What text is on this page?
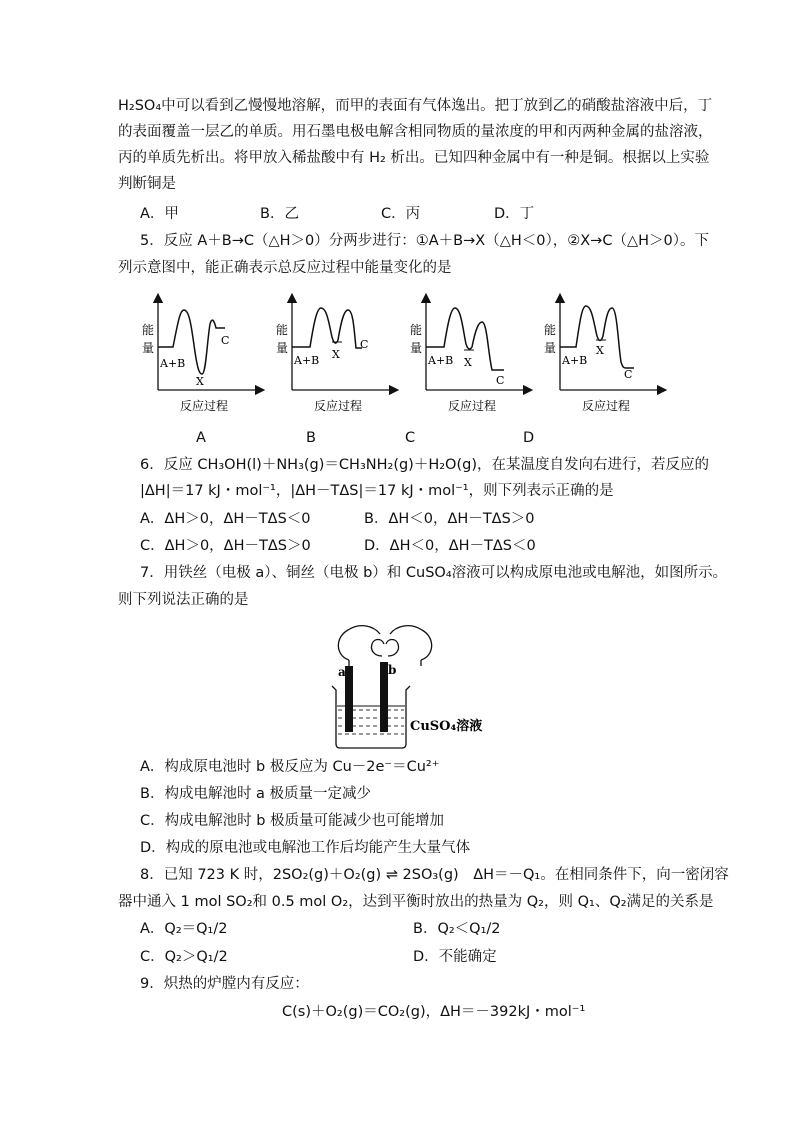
H₂SO₄中可以看到乙慢慢地溶解，而甲的表面有气体逸出。把丁放到乙的硝酸盐溶液中后，丁
的表面覆盖一层乙的单质。用石墨电极电解含相同物质的量浓度的甲和丙两种金属的盐溶液，
丙的单质先析出。将甲放入稀盐酸中有 H₂ 析出。已知四种金属中有一种是铜。根据以上实验
判断铜是
A．甲	B．乙	C．丙	D．丁
5．反应 A＋B→C（△H＞0）分两步进行：①A＋B→X（△H＜0），②X→C（△H＞0）。下
列示意图中，能正确表示总反应过程中能量变化的是
能
量
A+B
X
C
反应过程
能
量
A+B X
C
反应过程
能
量
A+B X
C
反应过程
能
量
A+B
X
C
反应过程
A	B	C	D
6．反应 CH₃OH(l)＋NH₃(g)＝CH₃NH₂(g)＋H₂O(g)，在某温度自发向右进行，若反应的
|ΔH|＝17 kJ・mol⁻¹，|ΔH－TΔS|＝17 kJ・mol⁻¹，则下列表示正确的是
A．ΔH＞0，ΔH－TΔS＜0	B．ΔH＜0，ΔH－TΔS＞0
C．ΔH＞0，ΔH－TΔS＞0	D．ΔH＜0，ΔH－TΔS＜0
7．用铁丝（电极 a）、铜丝（电极 b）和 CuSO₄溶液可以构成原电池或电解池，如图所示。
则下列说法正确的是
a	b
CuSO₄溶液
A．构成原电池时 b 极反应为 Cu－2e⁻＝Cu²⁺
B．构成电解池时 a 极质量一定减少
C．构成电解池时 b 极质量可能减少也可能增加
D．构成的原电池或电解池工作后均能产生大量气体
8．已知 723 K 时，2SO₂(g)＋O₂(g) ⇌ 2SO₃(g)　ΔH＝－Q₁。在相同条件下，向一密闭容
器中通入 1 mol SO₂和 0.5 mol O₂，达到平衡时放出的热量为 Q₂，则 Q₁、Q₂满足的关系是
A．Q₂＝Q₁/2	B．Q₂＜Q₁/2
C．Q₂＞Q₁/2	D．不能确定
9．炽热的炉膛内有反应：
C(s)＋O₂(g)＝CO₂(g)，ΔH＝－392kJ・mol⁻¹
